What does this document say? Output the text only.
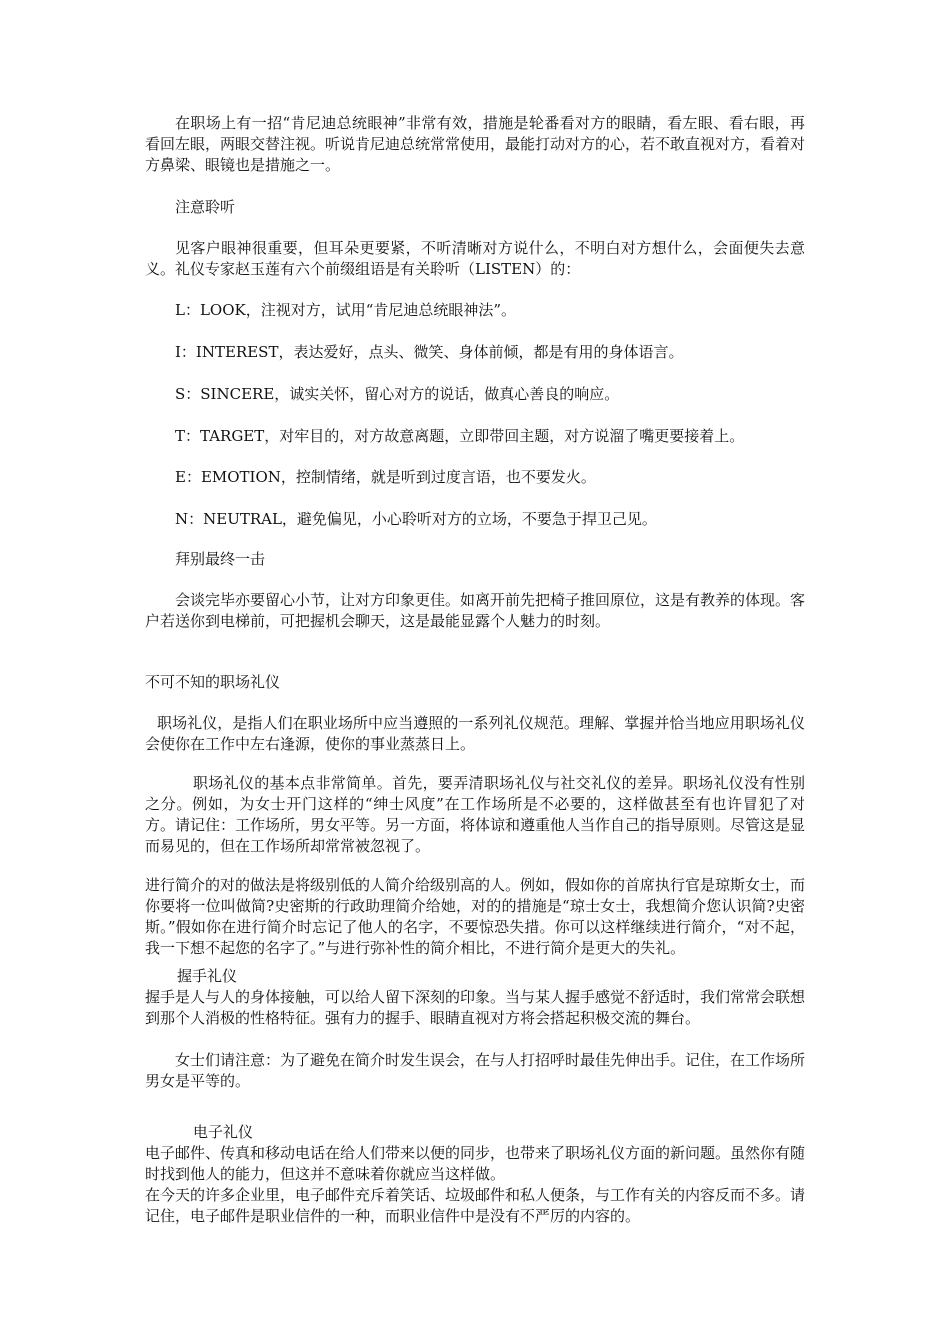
在职场上有一招“肯尼迪总统眼神”非常有效，措施是轮番看对方的眼睛，看左眼、看右眼，再看回左眼，两眼交替注视。听说肯尼迪总统常常使用，最能打动对方的心，若不敢直视对方，看着对方鼻梁、眼镜也是措施之一。

注意聆听

见客户眼神很重要，但耳朵更要紧，不听清晰对方说什么，不明白对方想什么，会面便失去意义。礼仪专家赵玉莲有六个前缀组语是有关聆听（LISTEN）的：

L：LOOK，注视对方，试用“肯尼迪总统眼神法”。

I：INTEREST，表达爱好，点头、微笑、身体前倾，都是有用的身体语言。

S：SINCERE，诚实关怀，留心对方的说话，做真心善良的响应。

T：TARGET，对牢目的，对方故意离题，立即带回主题，对方说溜了嘴更要接着上。

E：EMOTION，控制情绪，就是听到过度言语，也不要发火。

N：NEUTRAL，避免偏见，小心聆听对方的立场，不要急于捍卫己见。

拜别最终一击

会谈完毕亦要留心小节，让对方印象更佳。如离开前先把椅子推回原位，这是有教养的体现。客户若送你到电梯前，可把握机会聊天，这是最能显露个人魅力的时刻。

不可不知的职场礼仪

职场礼仪，是指人们在职业场所中应当遵照的一系列礼仪规范。理解、掌握并恰当地应用职场礼仪会使你在工作中左右逢源，使你的事业蒸蒸日上。

职场礼仪的基本点非常简单。首先，要弄清职场礼仪与社交礼仪的差异。职场礼仪没有性别之分。例如，为女士开门这样的“绅士风度”在工作场所是不必要的，这样做甚至有也许冒犯了对方。请记住：工作场所，男女平等。另一方面，将体谅和遵重他人当作自己的指导原则。尽管这是显而易见的，但在工作场所却常常被忽视了。

进行简介的对的做法是将级别低的人简介给级别高的人。例如，假如你的首席执行官是琼斯女士，而你要将一位叫做简?史密斯的行政助理简介给她，对的的措施是“琼士女士，我想简介您认识简?史密斯。”假如你在进行简介时忘记了他人的名字，不要惊恐失措。你可以这样继续进行简介，“对不起，我一下想不起您的名字了。”与进行弥补性的简介相比，不进行简介是更大的失礼。

握手礼仪

握手是人与人的身体接触，可以给人留下深刻的印象。当与某人握手感觉不舒适时，我们常常会联想到那个人消极的性格特征。强有力的握手、眼睛直视对方将会搭起积极交流的舞台。

女士们请注意：为了避免在简介时发生误会，在与人打招呼时最佳先伸出手。记住，在工作场所男女是平等的。

电子礼仪

电子邮件、传真和移动电话在给人们带来以便的同步，也带来了职场礼仪方面的新问题。虽然你有随时找到他人的能力，但这并不意味着你就应当这样做。

在今天的许多企业里，电子邮件充斥着笑话、垃圾邮件和私人便条，与工作有关的内容反而不多。请记住，电子邮件是职业信件的一种，而职业信件中是没有不严厉的内容的。
